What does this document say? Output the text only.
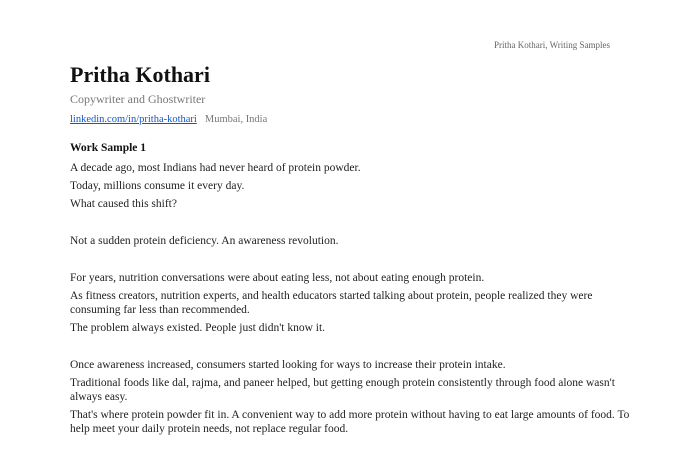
Pritha Kothari, Writing Samples
Pritha Kothari
Copywriter and Ghostwriter
linkedin.com/in/pritha-kothari Mumbai, India
Work Sample 1

A decade ago, most Indians had never heard of protein powder.

Today, millions consume it every day.

What caused this shift?

Not a sudden protein deficiency. An awareness revolution.

For years, nutrition conversations were about eating less, not about eating enough protein.

As fitness creators, nutrition experts, and health educators started talking about protein, people realized they were consuming far less than recommended.

The problem always existed. People just didn't know it.

Once awareness increased, consumers started looking for ways to increase their protein intake.

Traditional foods like dal, rajma, and paneer helped, but getting enough protein consistently through food alone wasn't always easy.

That's where protein powder fit in. A convenient way to add more protein without having to eat large amounts of food. To help meet your daily protein needs, not replace regular food.
